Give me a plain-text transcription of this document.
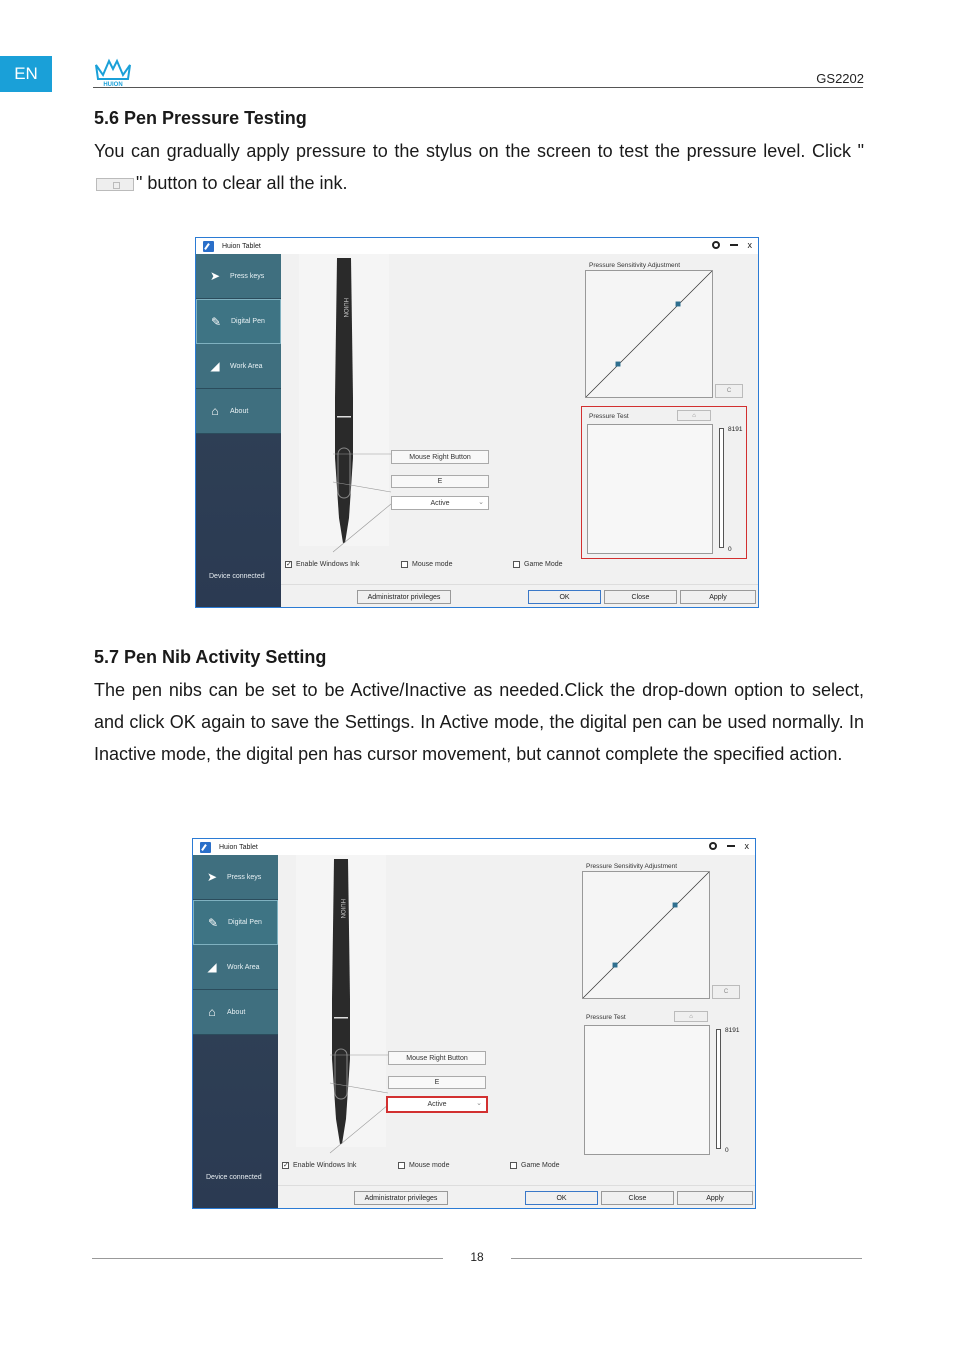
EN
HUION	GS2202
5.6 Pen Pressure Testing
You can gradually apply pressure to the stylus on the screen to test the pressure level. Click "" button to clear all the ink.
Huion Tablet	x
➤ Press keys
✎ Digital Pen
◢	Work Area
⌂	About
Device connected
HUION
Mouse Right Button
E
Active	⌄
Pressure Sensitivity Adjustment
C
Pressure Test	⌂
8191
0
✓ Enable Windows Ink	Mouse mode	Game Mode
Administrator privileges	OK	Close	Apply
5.7 Pen Nib Activity Setting
The pen nibs can be set to be Active/Inactive as needed.Click the drop-down option to select, and click OK again to save the Settings. In Active mode, the digital pen can be used normally. In Inactive mode, the digital pen has cursor movement, but cannot complete the specified action.
Huion Tablet	x
➤ Press keys
✎ Digital Pen
◢	Work Area
⌂	About
Device connected
HUION
Mouse Right Button
E
Active	⌄
Pressure Sensitivity Adjustment
C
Pressure Test	⌂
8191
0
✓ Enable Windows Ink	Mouse mode	Game Mode
Administrator privileges	OK	Close	Apply
18
